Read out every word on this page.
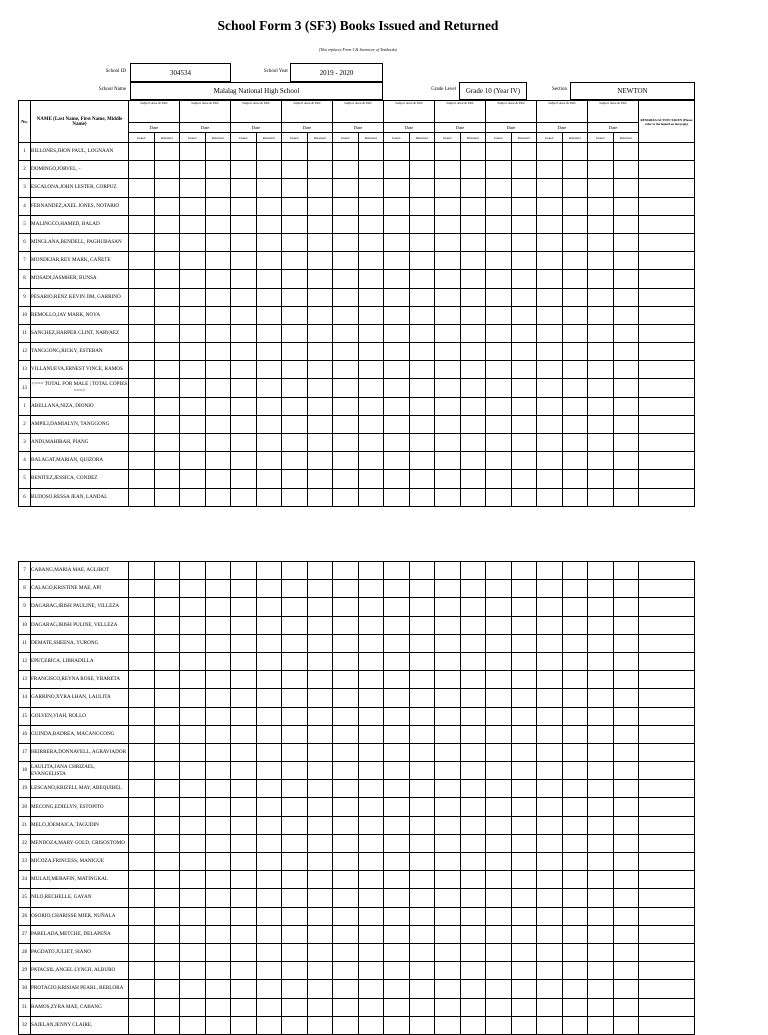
School Form 3 (SF3) Books Issued and Returned
(This replaces Form 3 & Inventory of Textbooks)
School ID	304534	School Year	2019 - 2020
School Name	Malalag National High School	Grade Level	Grade 10 (Year IV)	Section	NEWTON
No.	NAME (Last Name, First Name, Middle Name)	Subject Area & Title		Subject Area & Title		Subject Area & Title		Subject Area & Title		Subject Area & Title		Subject Area & Title		Subject Area & Title		Subject Area & Title		Subject Area & Title		Subject Area & Title		REMARKS/ACTION TAKEN (Please refer to the legend on last page)
		Date		Date		Date		Date		Date		Date		Date		Date		Date		Date		
		Issued	Returned	Issued	Returned	Issued	Returned	Issued	Returned	Issued	Returned	Issued	Returned	Issued	Returned	Issued	Returned	Issued	Returned	Issued	Returned	
1	BILLONES,JHON PAUL, LOGNAAN																					
2	DOMINGO,JORVEL, -																					
3	ESCALONA,JOHN LESTER, CORPUZ																					
4	FERNANDEZ,AXEL JONES, NOTARIO																					
5	MALINGCO,HAMED, BALAD																					
6	MINGLANA,BENDELL, PAGHUBASAN																					
7	MONDEJAR,REY MARK, CAÑETE																					
8	MOSADI,JASMHER, BUNSA																					
9	PESARIO,RENZ KEVIN JIM, GARRINO																					
10	REMOLLO,JAY MARK, NOYA																					
11	SANCHEZ,HARPER CLINT, NARVAEZ																					
12	TANGGONG,RICKY, ESTEBAN																					
13	VILLANUEVA,ERNEST VINCE, RAMOS																					
13	<=== TOTAL FOR MALE | TOTAL COPIES ===>																					
1	ABELLANA,NIZA, DIONIO																					
2	AMPILI,DAMIALYN, TANGGONG																					
3	ANDI,MAHIRAH, PIANG																					
4	BALAGAT,MARIAN, QUIZORA																					
5	BENITEZ,JESSICA, CONDEZ																					
6	BUDOSO,RESSA JEAN, LANDAL																					
7	CABANG,MARIA MAE, AGLIBOT																					
8	CALAGO,KRISTINE MAE, API																					
9	DAGARAG,IRISH PAULINE, VILLEZA																					
10	DAGARAG,IRISH PULINE, VELLEZA																					
11	DEMATE,SHEENA, YURONG																					
12	EPET,ERICA, LIBRADILLA																					
13	FRANCISCO,REYNA ROSE, YBARETA																					
14	GARRINO,XYRA LHAN, LAULITA																					
15	GOLVEN,VIAH, ROLLO																					
16	GUINDA,BADREA, MACANGCONG																					
17	HEIRRERA,DONNAVELL, AGRAVIADOR																					
18	LAULITA,JANA CHRIZAEL, EVANGELISTA																					
19	LESCANO,KRIZELL MAY, ABEQUIBEL																					
20	MECONG,EDIELYN, ESTOPITO																					
21	MELO,JOEMAICA, TAGUDIN																					
22	MENDOZA,MARY GOLD, CRISOSTOMO																					
23	MICOZA,FRINCESS, MANIGUE																					
24	MULAJI,MERAFIN, MATINGKAL																					
25	NILO,RECHELLE, GAYAN																					
26	OSORIO,CHARISSE MIER, NUÑALA																					
27	PABELADA,METCHE, DELAPEÑA																					
28	PAGDATO,JULIET, SIANO																					
29	PATACSIL,ANGEL LYNCH, ALBURO																					
30	PROTACIO,KRISIAH PEARL, REBLORA																					
31	RAMOS,ZYRA MAE, CABANG																					
32	SAJELAN,JENNY CLAIRE,																					
